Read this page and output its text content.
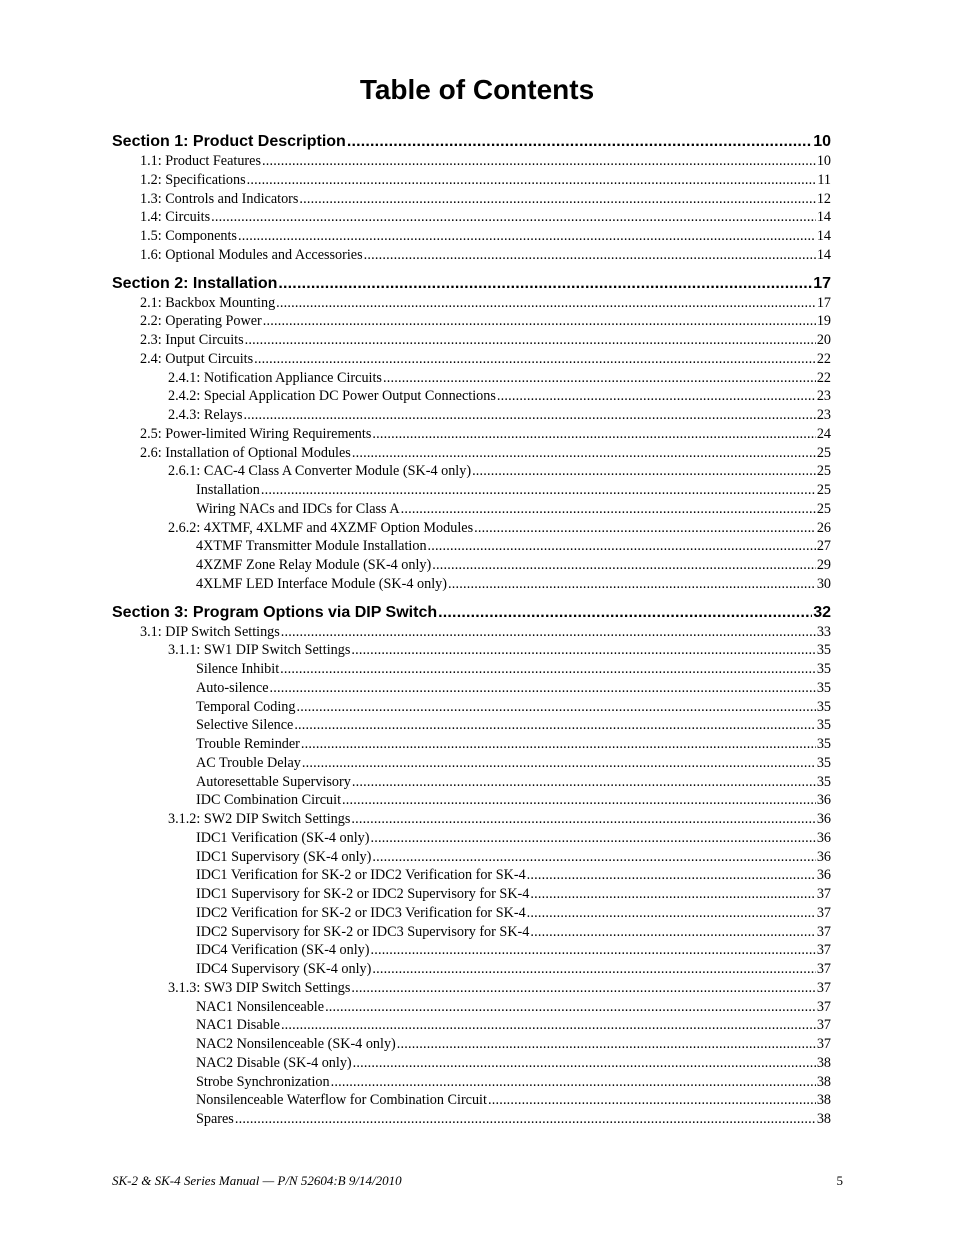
Table of Contents
Section 1: Product Description .....	10
1.1: Product Features .....	10
1.2: Specifications .....	11
1.3: Controls and Indicators .....	12
1.4: Circuits .....	14
1.5: Components .....	14
1.6: Optional Modules and Accessories .....	14
Section 2: Installation .....	17
2.1: Backbox Mounting .....	17
2.2: Operating Power .....	19
2.3: Input Circuits .....	20
2.4: Output Circuits .....	22
2.4.1: Notification Appliance Circuits .....	22
2.4.2: Special Application DC Power Output Connections .....	23
2.4.3: Relays .....	23
2.5: Power-limited Wiring Requirements .....	24
2.6: Installation of Optional Modules .....	25
2.6.1: CAC-4 Class A Converter Module (SK-4 only) .....	25
Installation .....	25
Wiring NACs and IDCs for Class A .....	25
2.6.2: 4XTMF, 4XLMF and 4XZMF Option Modules .....	26
4XTMF Transmitter Module Installation .....	27
4XZMF Zone Relay Module (SK-4 only) .....	29
4XLMF LED Interface Module (SK-4 only) .....	30
Section 3: Program Options via DIP Switch .....	32
3.1: DIP Switch Settings .....	33
3.1.1: SW1 DIP Switch Settings .....	35
Silence Inhibit .....	35
Auto-silence .....	35
Temporal Coding .....	35
Selective Silence .....	35
Trouble Reminder .....	35
AC Trouble Delay .....	35
Autoresettable Supervisory .....	35
IDC Combination Circuit .....	36
3.1.2: SW2 DIP Switch Settings .....	36
IDC1 Verification (SK-4 only) .....	36
IDC1 Supervisory (SK-4 only) .....	36
IDC1 Verification for SK-2 or IDC2 Verification for SK-4 .....	36
IDC1 Supervisory for SK-2 or IDC2 Supervisory for SK-4 .....	37
IDC2 Verification for SK-2 or IDC3 Verification for SK-4 .....	37
IDC2 Supervisory for SK-2 or IDC3 Supervisory for SK-4 .....	37
IDC4 Verification (SK-4 only) .....	37
IDC4 Supervisory (SK-4 only) .....	37
3.1.3: SW3 DIP Switch Settings .....	37
NAC1 Nonsilenceable .....	37
NAC1 Disable .....	37
NAC2 Nonsilenceable (SK-4 only) .....	37
NAC2 Disable (SK-4 only) .....	38
Strobe Synchronization .....	38
Nonsilenceable Waterflow for Combination Circuit .....	38
Spares .....	38
SK-2 & SK-4 Series Manual — P/N 52604:B 9/14/2010	5
